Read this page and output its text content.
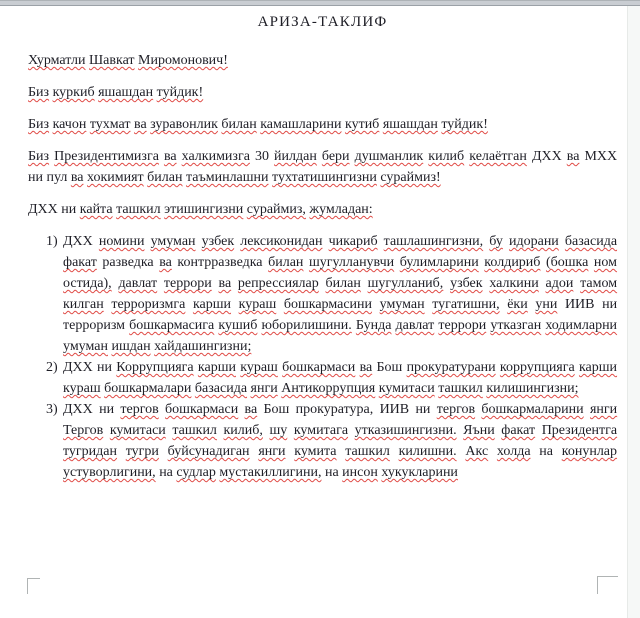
АРИЗА-ТАКЛИФ
Хурматли Шавкат Миромонович!
Биз куркиб яшашдан туйдик!
Биз качон тухмат ва зуравонлик билан камашларини кутиб яшашдан туйдик!
Биз Президентимизга ва халкимизга 30 йилдан бери душманлик килиб келаётган ДХХ ва МХХ ни пул ва хокимият билан таъминлашни тухтатишингизни сураймиз!
ДХХ ни кайта ташкил этишингизни сураймиз, жумладан:
1) ДХХ номини умуман узбек лексиконидан чикариб ташлашингизни, бу идорани базасида факат разведка ва контрразведка билан шугулланувчи булимларини колдириб (бошка ном остида), давлат террори ва репрессиялар билан шугулланиб, узбек халкини адои тамом килган терроризмга карши кураш бошкармасини умуман тугатишни, ёки уни ИИВ ни терроризм бошкармасига кушиб юборилишини. Бунда давлат террори утказган ходимларни умуман ишдан хайдашингизни;
2) ДХХ ни Коррупцияга карши кураш бошкармаси ва Бош прокуратурани коррупцияга карши кураш бошкармалари базасида янги Антикоррупция кумитаси ташкил килишингизни;
3) ДХХ ни тергов бошкармаси ва Бош прокуратура, ИИВ ни тергов бошкармаларини янги Тергов кумитаси ташкил килиб, шу кумитага утказишингизни. Яъни факат Президентга тугридан тугри буйсунадиган янги кумита ташкил килишни. Акс холда на конунлар устуворлигини, на судлар мустакиллигини, на инсон хукукларини
